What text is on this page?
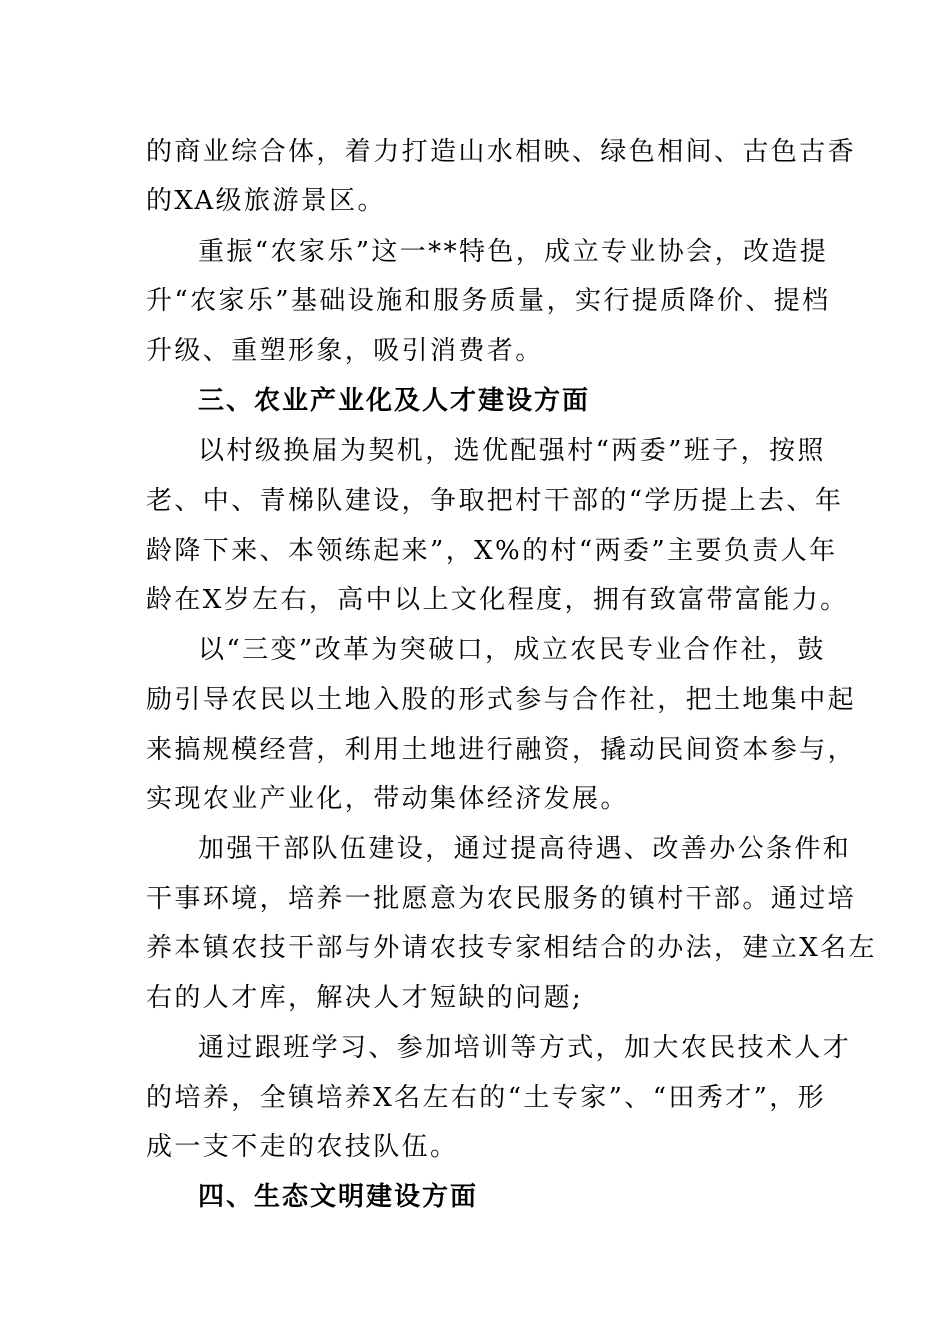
的商业综合体，着力打造山水相映、绿色相间、古色古香
的XA级旅游景区。
重振“农家乐”这一**特色，成立专业协会，改造提
升“农家乐”基础设施和服务质量，实行提质降价、提档
升级、重塑形象，吸引消费者。
三、农业产业化及人才建设方面
以村级换届为契机，选优配强村“两委”班子，按照
老、中、青梯队建设，争取把村干部的“学历提上去、年
龄降下来、本领练起来”，X%的村“两委”主要负责人年
龄在X岁左右，高中以上文化程度，拥有致富带富能力。
以“三变”改革为突破口，成立农民专业合作社，鼓
励引导农民以土地入股的形式参与合作社，把土地集中起
来搞规模经营，利用土地进行融资，撬动民间资本参与，
实现农业产业化，带动集体经济发展。
加强干部队伍建设，通过提高待遇、改善办公条件和
干事环境，培养一批愿意为农民服务的镇村干部。通过培
养本镇农技干部与外请农技专家相结合的办法，建立X名左
右的人才库，解决人才短缺的问题;
通过跟班学习、参加培训等方式，加大农民技术人才
的培养，全镇培养X名左右的“土专家”、“田秀才”，形
成一支不走的农技队伍。
四、生态文明建设方面
